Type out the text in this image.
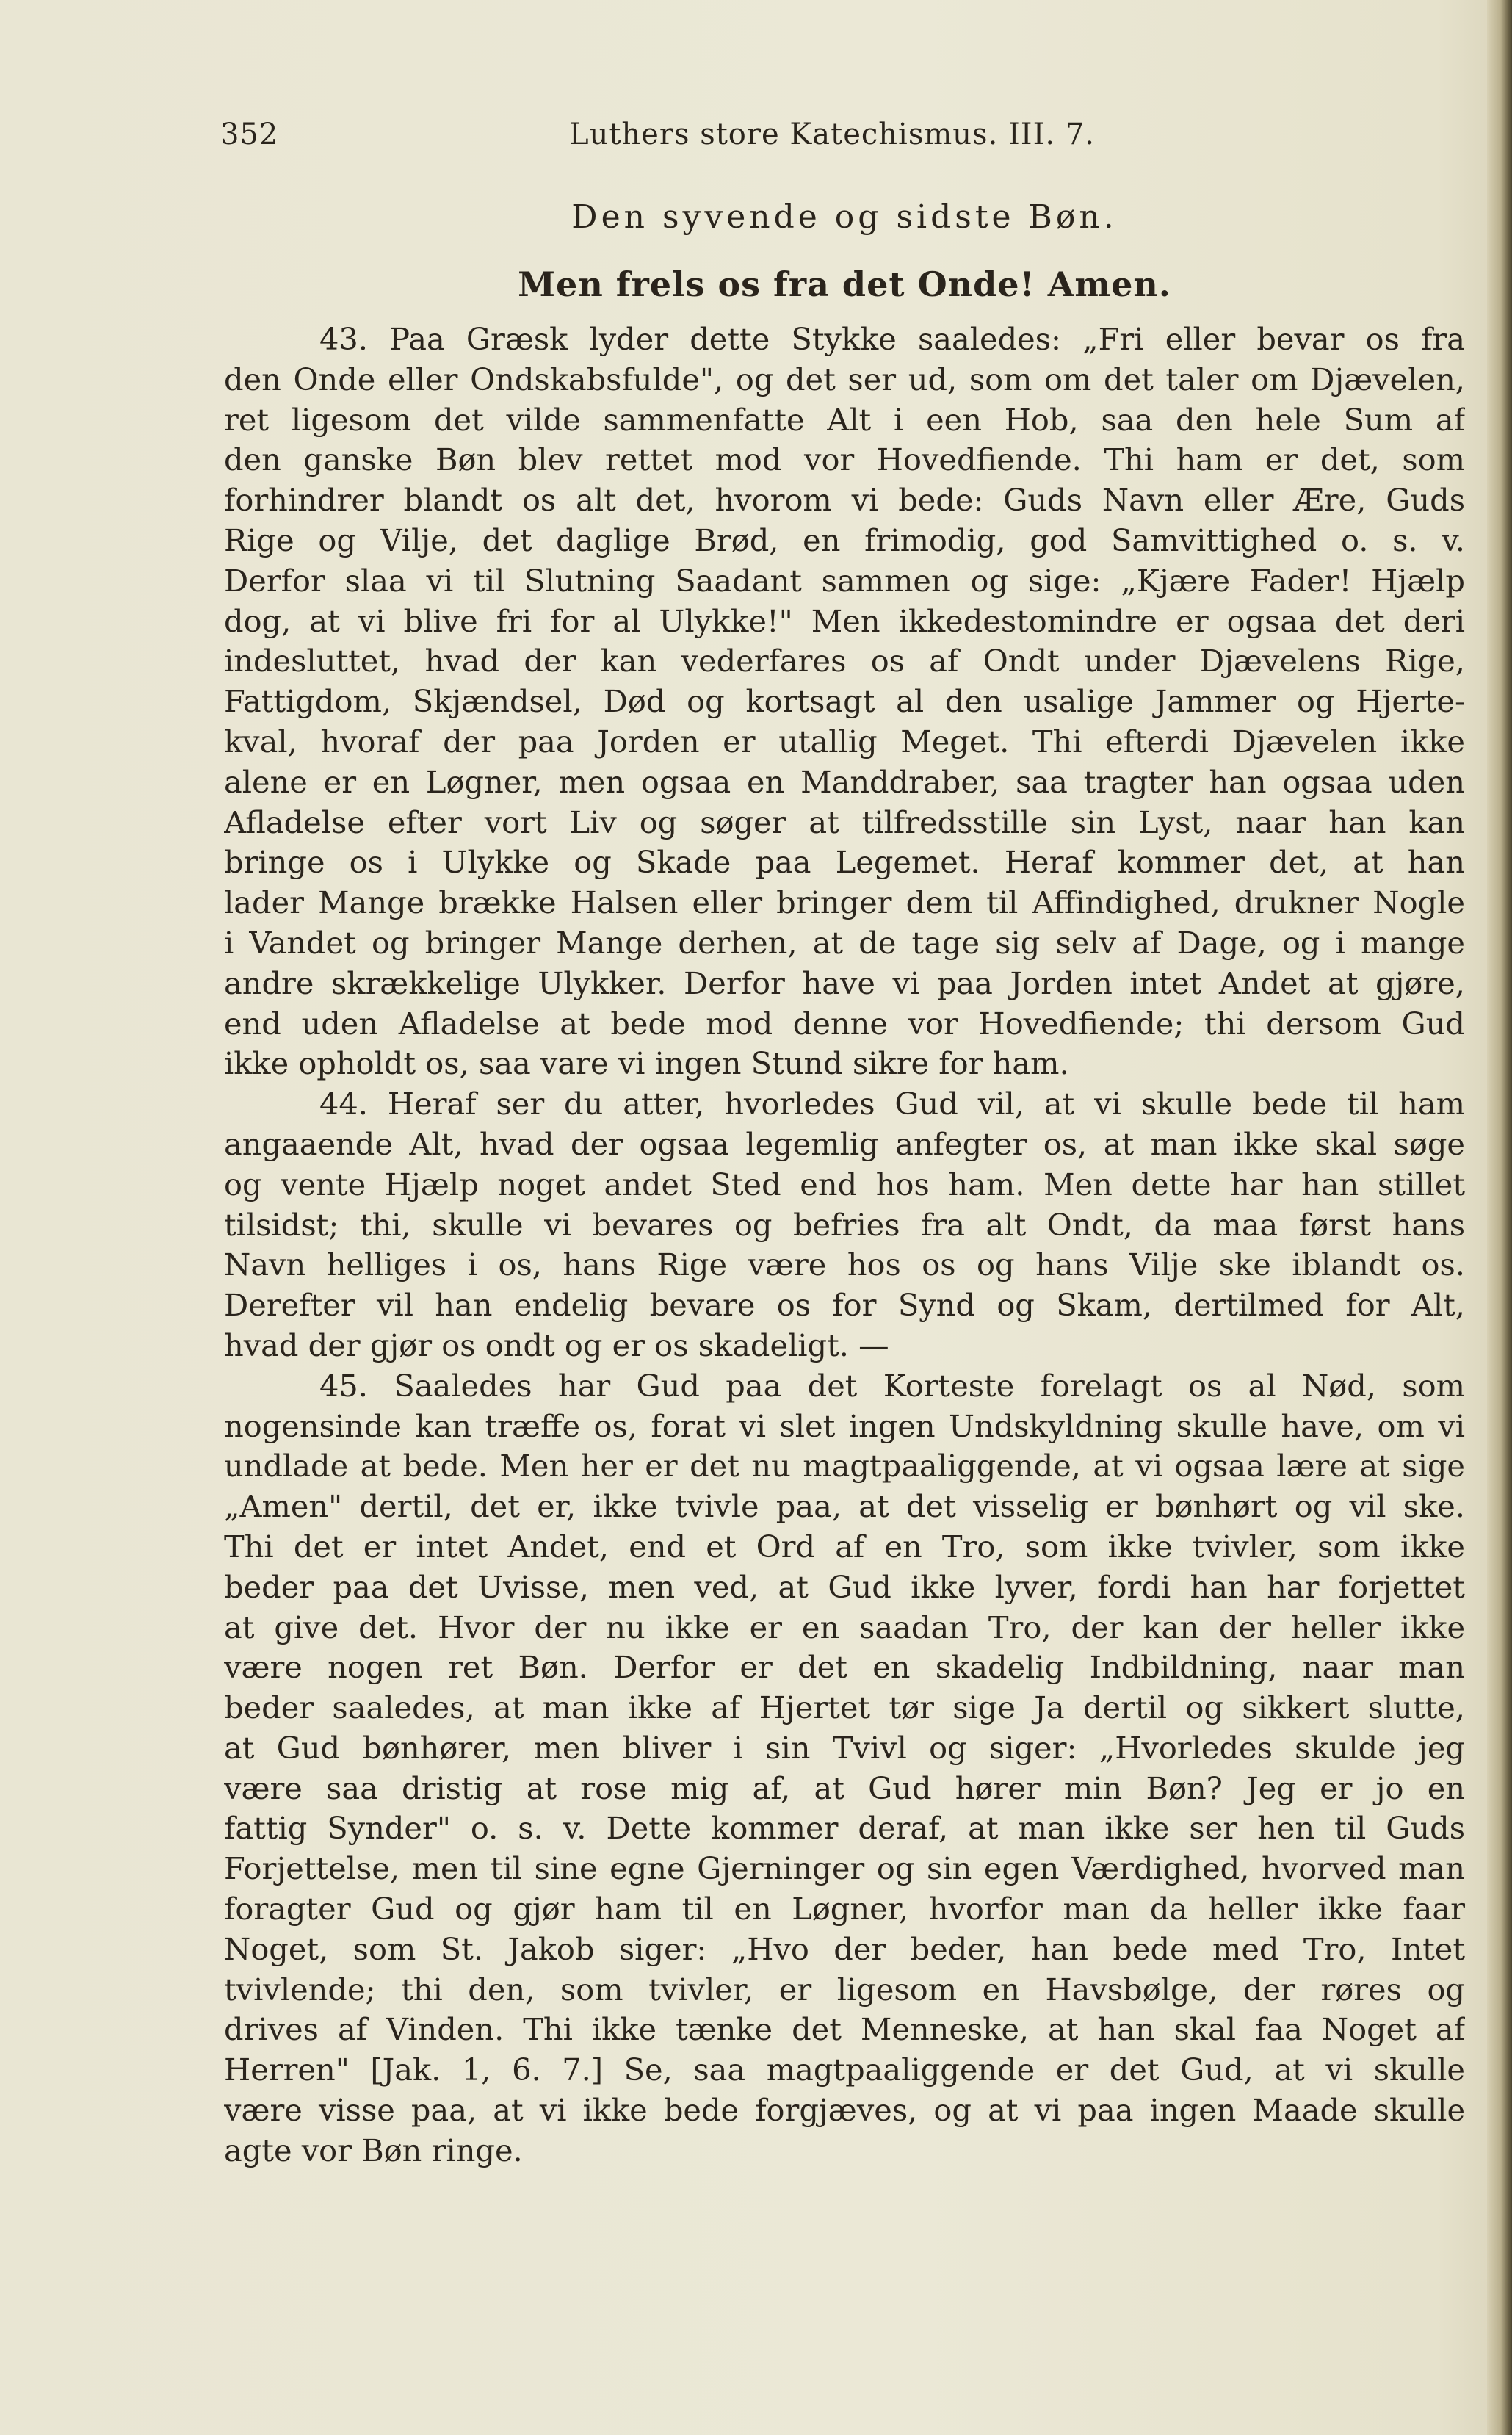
352	Luthers store Katechismus. III. 7.
Den syvende og sidste Bøn.
Men frels os fra det Onde! Amen.
43. Paa Græsk lyder dette Stykke saaledes: „Fri eller bevar os fra
den Onde eller Ondskabsfulde", og det ser ud, som om det taler om Djævelen,
ret ligesom det vilde sammenfatte Alt i een Hob, saa den hele Sum af
den ganske Bøn blev rettet mod vor Hovedfiende. Thi ham er det, som
forhindrer blandt os alt det, hvorom vi bede: Guds Navn eller Ære, Guds
Rige og Vilje, det daglige Brød, en frimodig, god Samvittighed o. s. v.
Derfor slaa vi til Slutning Saadant sammen og sige: „Kjære Fader! Hjælp
dog, at vi blive fri for al Ulykke!" Men ikkedestomindre er ogsaa det deri
indesluttet, hvad der kan vederfares os af Ondt under Djævelens Rige,
Fattigdom, Skjændsel, Død og kortsagt al den usalige Jammer og Hjerte-
kval, hvoraf der paa Jorden er utallig Meget. Thi efterdi Djævelen ikke
alene er en Løgner, men ogsaa en Manddraber, saa tragter han ogsaa uden
Afladelse efter vort Liv og søger at tilfredsstille sin Lyst, naar han kan
bringe os i Ulykke og Skade paa Legemet. Heraf kommer det, at han
lader Mange brække Halsen eller bringer dem til Affindighed, drukner Nogle
i Vandet og bringer Mange derhen, at de tage sig selv af Dage, og i mange
andre skrækkelige Ulykker. Derfor have vi paa Jorden intet Andet at gjøre,
end uden Afladelse at bede mod denne vor Hovedfiende; thi dersom Gud
ikke opholdt os, saa vare vi ingen Stund sikre for ham.
44. Heraf ser du atter, hvorledes Gud vil, at vi skulle bede til ham
angaaende Alt, hvad der ogsaa legemlig anfegter os, at man ikke skal søge
og vente Hjælp noget andet Sted end hos ham. Men dette har han stillet
tilsidst; thi, skulle vi bevares og befries fra alt Ondt, da maa først hans
Navn helliges i os, hans Rige være hos os og hans Vilje ske iblandt os.
Derefter vil han endelig bevare os for Synd og Skam, dertilmed for Alt,
hvad der gjør os ondt og er os skadeligt. —
45. Saaledes har Gud paa det Korteste forelagt os al Nød, som
nogensinde kan træffe os, forat vi slet ingen Undskyldning skulle have, om vi
undlade at bede. Men her er det nu magtpaaliggende, at vi ogsaa lære at sige
„Amen" dertil, det er, ikke tvivle paa, at det visselig er bønhørt og vil ske.
Thi det er intet Andet, end et Ord af en Tro, som ikke tvivler, som ikke
beder paa det Uvisse, men ved, at Gud ikke lyver, fordi han har forjettet
at give det. Hvor der nu ikke er en saadan Tro, der kan der heller ikke
være nogen ret Bøn. Derfor er det en skadelig Indbildning, naar man
beder saaledes, at man ikke af Hjertet tør sige Ja dertil og sikkert slutte,
at Gud bønhører, men bliver i sin Tvivl og siger: „Hvorledes skulde jeg
være saa dristig at rose mig af, at Gud hører min Bøn? Jeg er jo en
fattig Synder" o. s. v. Dette kommer deraf, at man ikke ser hen til Guds
Forjettelse, men til sine egne Gjerninger og sin egen Værdighed, hvorved man
foragter Gud og gjør ham til en Løgner, hvorfor man da heller ikke faar
Noget, som St. Jakob siger: „Hvo der beder, han bede med Tro, Intet
tvivlende; thi den, som tvivler, er ligesom en Havsbølge, der røres og
drives af Vinden. Thi ikke tænke det Menneske, at han skal faa Noget af
Herren" [Jak. 1, 6. 7.] Se, saa magtpaaliggende er det Gud, at vi skulle
være visse paa, at vi ikke bede forgjæves, og at vi paa ingen Maade skulle
agte vor Bøn ringe.
